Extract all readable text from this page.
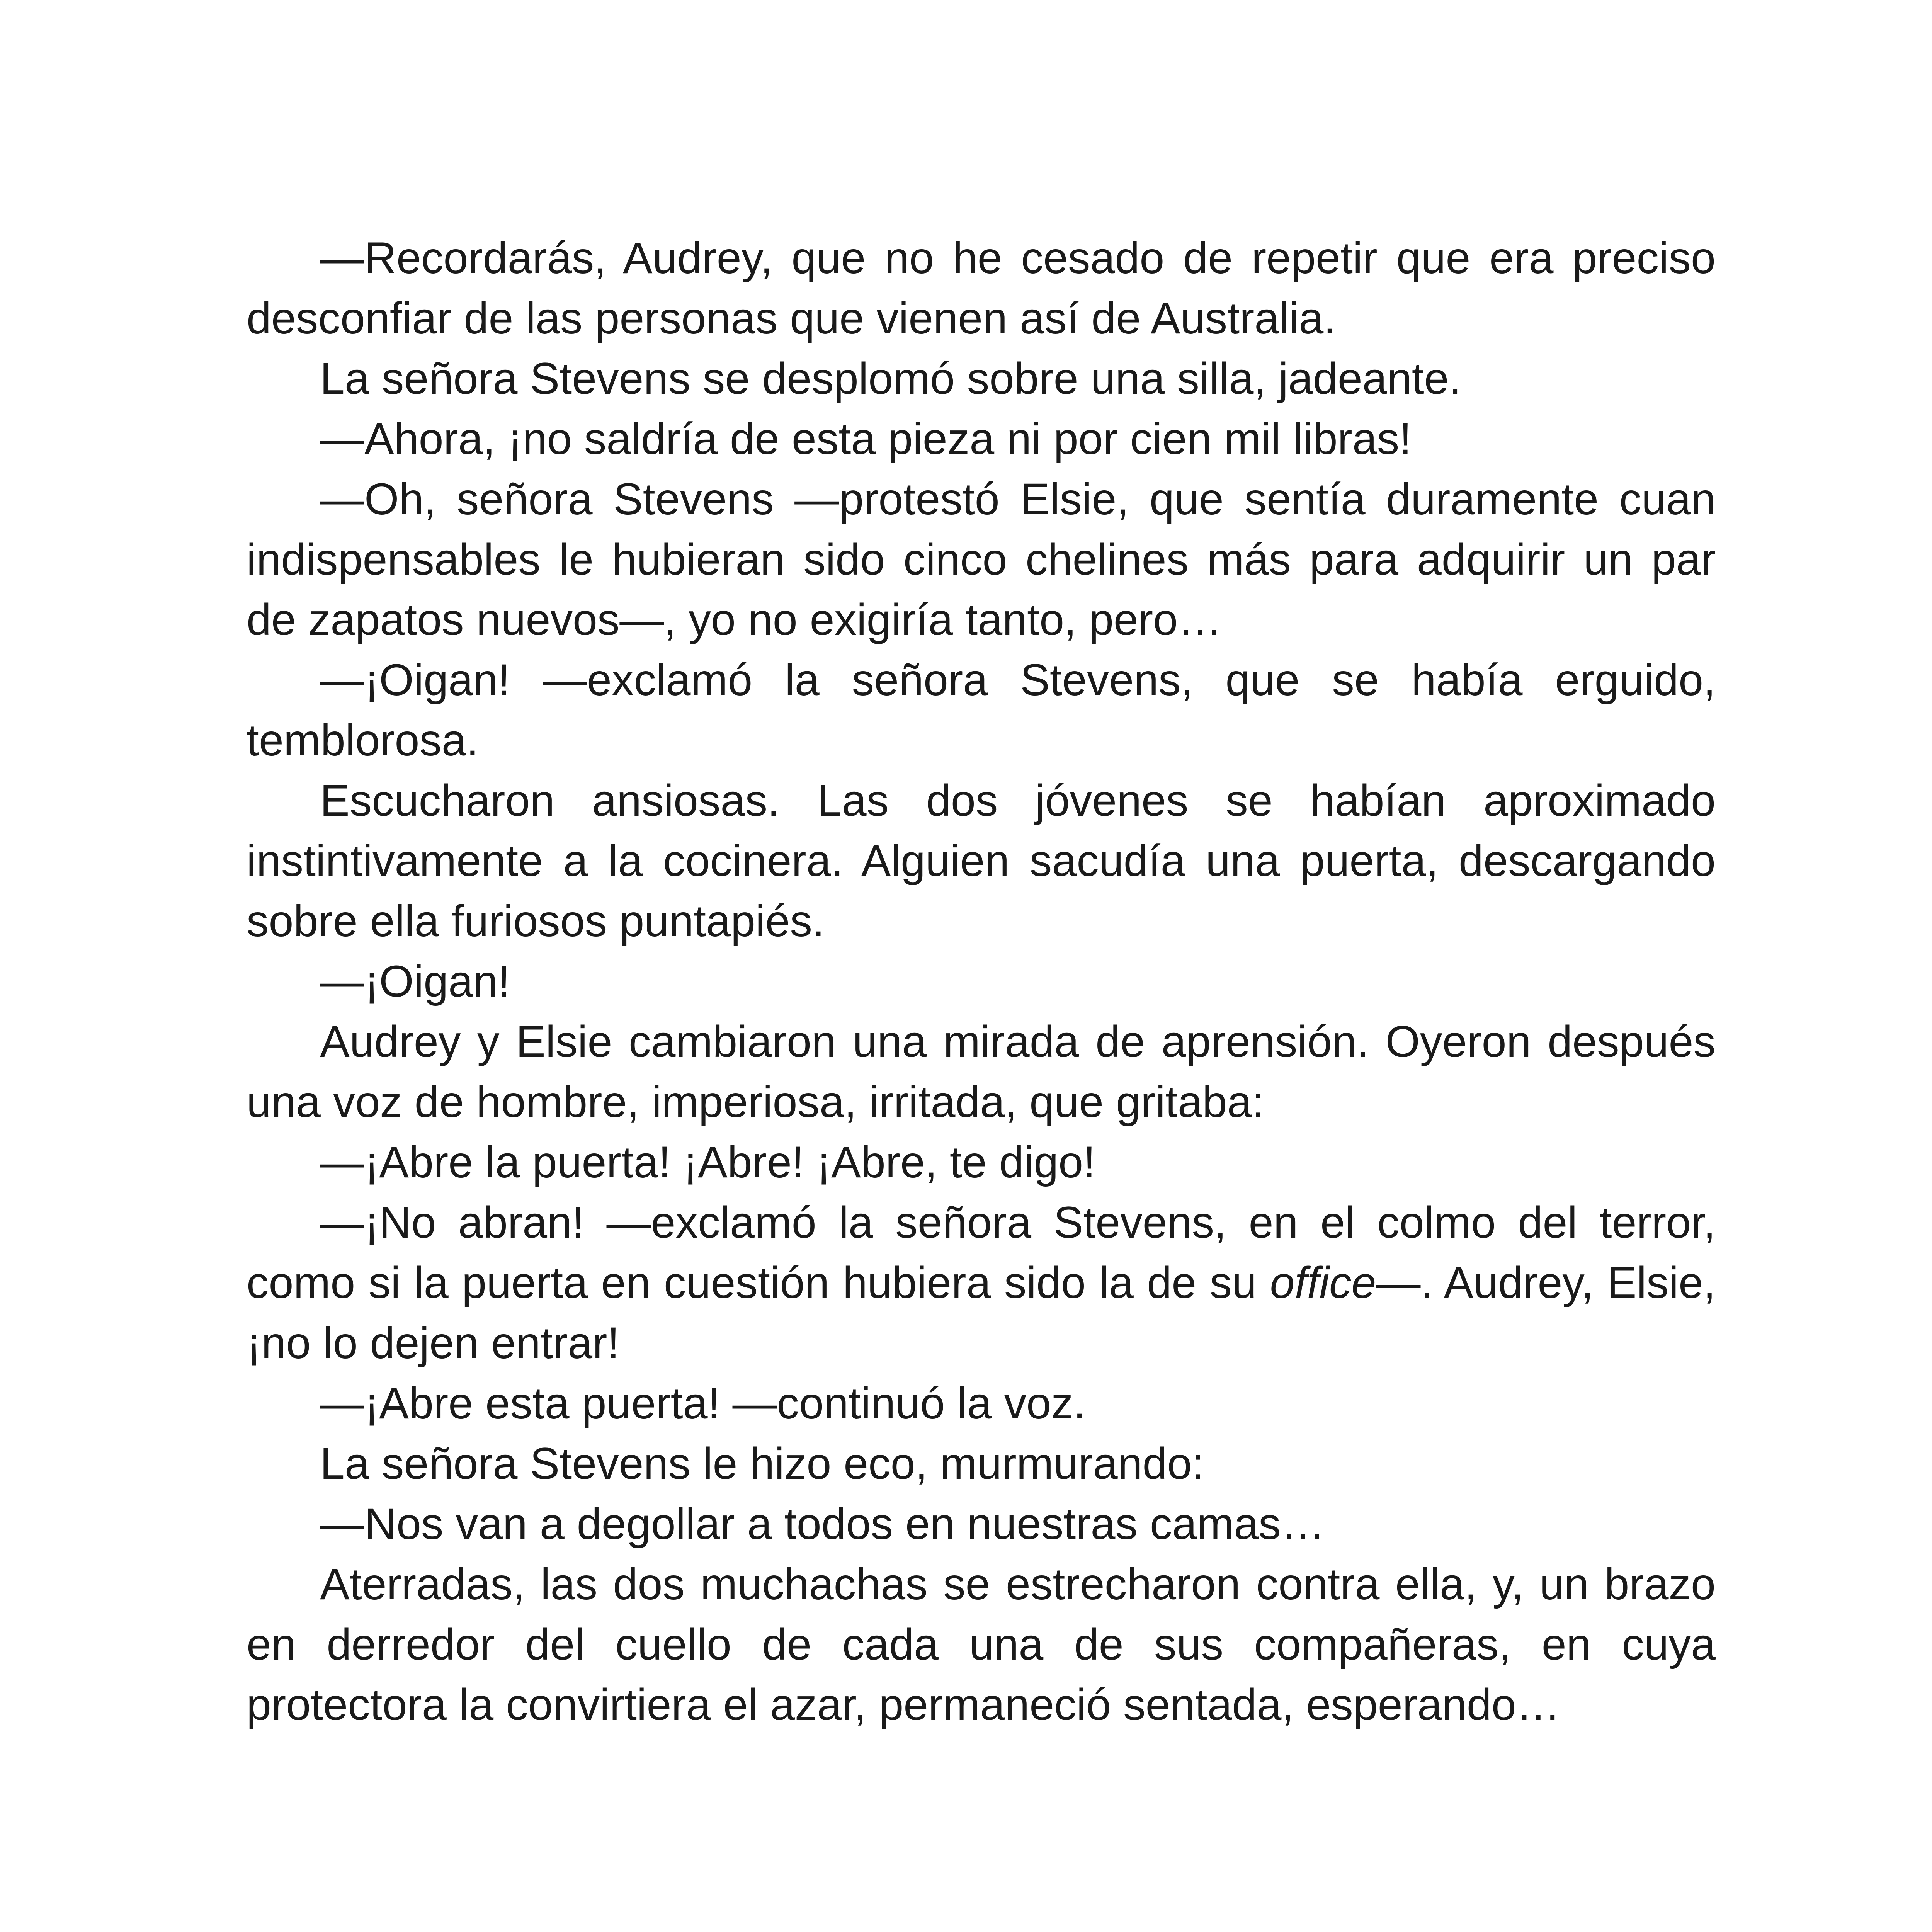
—Recordarás, Audrey, que no he cesado de repetir que era preciso desconfiar de las personas que vienen así de Australia.

La señora Stevens se desplomó sobre una silla, jadeante.

—Ahora, ¡no saldría de esta pieza ni por cien mil libras!

—Oh, señora Stevens —protestó Elsie, que sentía duramente cuan indispensables le hubieran sido cinco chelines más para adquirir un par de zapatos nuevos—, yo no exigiría tanto, pero…

—¡Oigan! —exclamó la señora Stevens, que se había erguido, temblorosa.

Escucharon ansiosas. Las dos jóvenes se habían aproximado instintivamente a la cocinera. Alguien sacudía una puerta, descargando sobre ella furiosos puntapiés.

—¡Oigan!

Audrey y Elsie cambiaron una mirada de aprensión. Oyeron después una voz de hombre, imperiosa, irritada, que gritaba:

—¡Abre la puerta! ¡Abre! ¡Abre, te digo!

—¡No abran! —exclamó la señora Stevens, en el colmo del terror, como si la puerta en cuestión hubiera sido la de su office—. Audrey, Elsie, ¡no lo dejen entrar!

—¡Abre esta puerta! —continuó la voz.

La señora Stevens le hizo eco, murmurando:

—Nos van a degollar a todos en nuestras camas…

Aterradas, las dos muchachas se estrecharon contra ella, y, un brazo en derredor del cuello de cada una de sus compañeras, en cuya protectora la convirtiera el azar, permaneció sentada, esperando…
